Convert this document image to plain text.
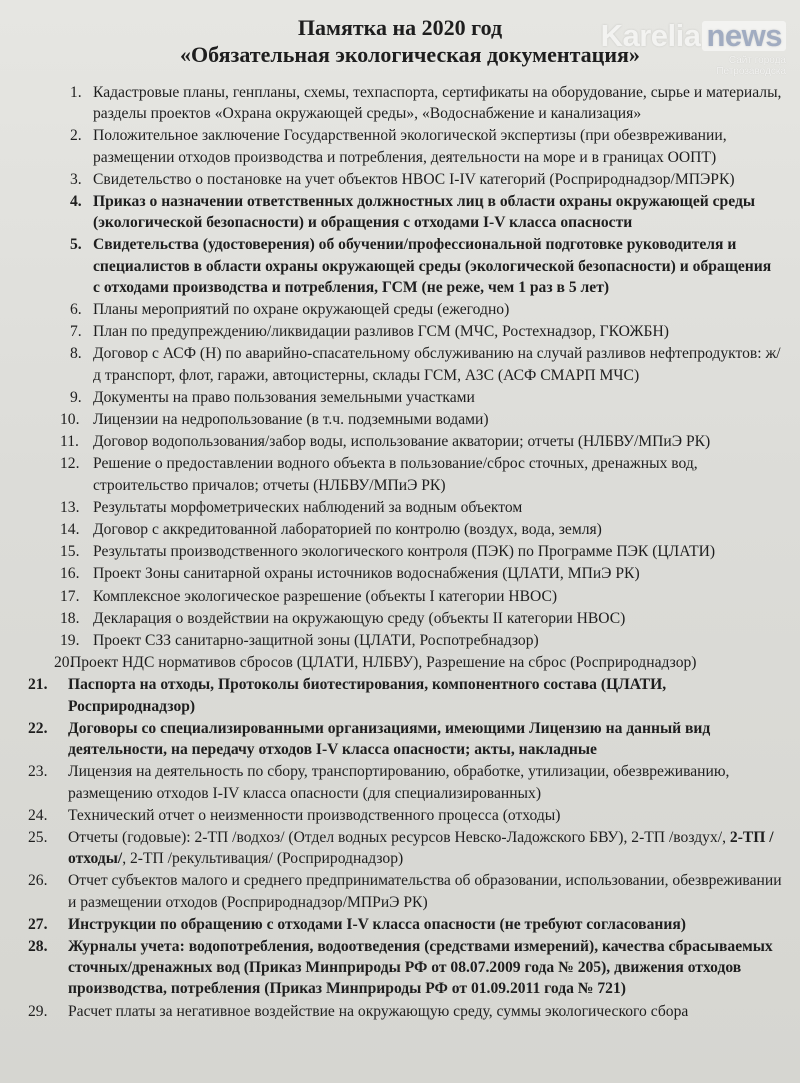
Karelia news
Сайт города
Петрозаводска
Памятка на 2020 год
«Обязательная экологическая документация»
1. Кадастровые планы, генпланы, схемы, техпаспорта, сертификаты на оборудование, сырье и материалы, разделы проектов «Охрана окружающей среды», «Водоснабжение и канализация»
2. Положительное заключение Государственной экологической экспертизы (при обезвреживании, размещении отходов производства и потребления, деятельности на море и в границах ООПТ)
3. Свидетельство о постановке на учет объектов НВОС I-IV категорий (Росприроднадзор/МПЭРК)
4. Приказ о назначении ответственных должностных лиц в области охраны окружающей среды (экологической безопасности) и обращения с отходами I-V класса опасности
5. Свидетельства (удостоверения) об обучении/профессиональной подготовке руководителя и специалистов в области охраны окружающей среды (экологической безопасности) и обращения с отходами производства и потребления, ГСМ (не реже, чем 1 раз в 5 лет)
6. Планы мероприятий по охране окружающей среды (ежегодно)
7. План по предупреждению/ликвидации разливов ГСМ (МЧС, Ростехнадзор, ГКОЖБН)
8. Договор с АСФ (Н) по аварийно-спасательному обслуживанию на случай разливов нефтепродуктов: ж/д транспорт, флот, гаражи, автоцистерны, склады ГСМ, АЗС (АСФ СМАРП МЧС)
9. Документы на право пользования земельными участками
10. Лицензии на недропользование (в т.ч. подземными водами)
11. Договор водопользования/забор воды, использование акватории; отчеты (НЛБВУ/МПиЭ РК)
12. Решение о предоставлении водного объекта в пользование/сброс сточных, дренажных вод, строительство причалов; отчеты (НЛБВУ/МПиЭ РК)
13. Результаты морфометрических наблюдений за водным объектом
14. Договор с аккредитованной лабораторией по контролю (воздух, вода, земля)
15. Результаты производственного экологического контроля (ПЭК) по Программе ПЭК (ЦЛАТИ)
16. Проект Зоны санитарной охраны источников водоснабжения (ЦЛАТИ, МПиЭ РК)
17. Комплексное экологическое разрешение (объекты I категории НВОС)
18. Декларация о воздействии на окружающую среду (объекты II категории НВОС)
19. Проект СЗЗ санитарно-защитной зоны (ЦЛАТИ, Роспотребнадзор)
20.
Проект НДС нормативов сбросов (ЦЛАТИ, НЛБВУ), Разрешение на сброс (Росприроднадзор)
21. Паспорта на отходы, Протоколы биотестирования, компонентного состава (ЦЛАТИ, Росприроднадзор)
22. Договоры со специализированными организациями, имеющими Лицензию на данный вид деятельности, на передачу отходов I-V класса опасности; акты, накладные
23. Лицензия на деятельность по сбору, транспортированию, обработке, утилизации, обезвреживанию, размещению отходов I-IV класса опасности (для специализированных)
24. Технический отчет о неизменности производственного процесса (отходы)
25. Отчеты (годовые): 2-ТП /водхоз/ (Отдел водных ресурсов Невско-Ладожского БВУ), 2-ТП /воздух/, 2-ТП /отходы/, 2-ТП /рекультивация/ (Росприроднадзор)
26. Отчет субъектов малого и среднего предпринимательства об образовании, использовании, обезвреживании и размещении отходов (Росприроднадзор/МПРиЭ РК)
27. Инструкции по обращению с отходами I-V класса опасности (не требуют согласования)
28. Журналы учета: водопотребления, водоотведения (средствами измерений), качества сбрасываемых сточных/дренажных вод (Приказ Минприроды РФ от 08.07.2009 года № 205), движения отходов производства, потребления (Приказ Минприроды РФ от 01.09.2011 года № 721)
29. Расчет платы за негативное воздействие на окружающую среду, суммы экологического сбора
